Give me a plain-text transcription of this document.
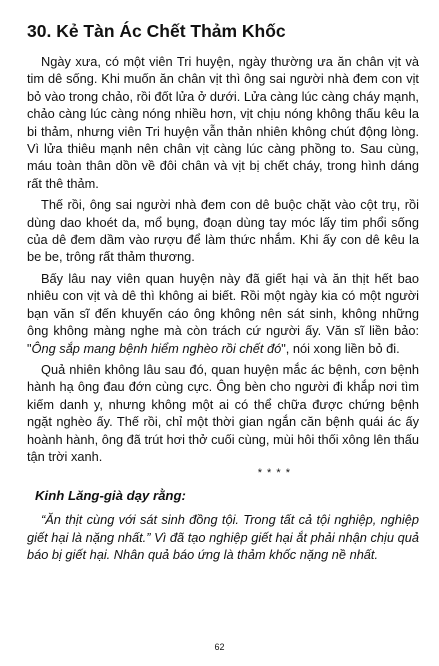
30. Kẻ Tàn Ác Chết Thảm Khốc

Ngày xưa, có một viên Tri huyện, ngày thường ưa ăn chân vịt và tim dê sống. Khi muốn ăn chân vịt thì ông sai người nhà đem con vịt bỏ vào trong chảo, rồi đốt lửa ở dưới. Lửa càng lúc càng cháy mạnh, chảo càng lúc càng nóng nhiều hơn, vịt chịu nóng không thấu kêu la bi thảm, nhưng viên Tri huyện vẫn thản nhiên không chút động lòng. Vì lửa thiêu mạnh nên chân vịt càng lúc càng phồng to. Sau cùng, máu toàn thân dồn về đôi chân và vịt bị chết cháy, trong hình dáng rất thê thảm.

Thế rồi, ông sai người nhà đem con dê buộc chặt vào cột trụ, rồi dùng dao khoét da, mổ bụng, đoạn dùng tay móc lấy tim phổi sống của dê đem dầm vào rượu để làm thức nhắm. Khi ấy con dê kêu la be be, trông rất thảm thương.

Bấy lâu nay viên quan huyện này đã giết hại và ăn thịt hết bao nhiêu con vịt và dê thì không ai biết. Rồi một ngày kia có một người bạn văn sĩ đến khuyến cáo ông không nên sát sinh, không những ông không màng nghe mà còn trách cứ người ấy. Văn sĩ liền bảo: "Ông sắp mang bệnh hiểm nghèo rồi chết đó", nói xong liền bỏ đi.

Quả nhiên không lâu sau đó, quan huyện mắc ác bệnh, cơn bệnh hành hạ ông đau đớn cùng cực. Ông bèn cho người đi khắp nơi tìm kiếm danh y, nhưng không một ai có thể chữa được chứng bệnh ngặt nghèo ấy. Thế rồi, chỉ một thời gian ngắn căn bệnh quái ác ấy hoành hành, ông đã trút hơi thở cuối cùng, mùi hôi thối xông lên thấu tận trời xanh.

* * * *
Kinh Lăng-già dạy rằng:

“Ăn thịt cùng với sát sinh đồng tội. Trong tất cả tội nghiệp, nghiệp giết hại là nặng nhất.” Vì đã tạo nghiệp giết hại ắt phải nhận chịu quả báo bị giết hại. Nhân quả báo ứng là thảm khốc nặng nề nhất.

62
